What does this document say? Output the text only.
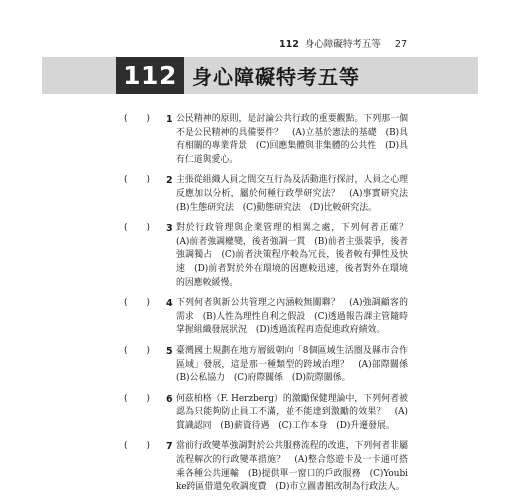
112 身心障礙特考五等 27
112 身心障礙特考五等
( ) 1 公民精神的原則，是討論公共行政的重要觀點。下列那一個不是公民精神的具備要件？　(A)立基於憲法的基礎　(B)具有相關的專業背景　(C)回應集體與非集體的公共性　(D)具有仁道與愛心。
( ) 2 主張從組織人員之間交互行為及活動進行探討，人員之心理反應加以分析，屬於何種行政學研究法？　(A)事實研究法　(B)生態研究法　(C)動態研究法　(D)比較研究法。
( ) 3 對於行政管理與企業管理的相異之處，下列何者正確？　(A)前者強調權變，後者強調一貫　(B)前者主張裝爭，後者強調獨占　(C)前者決策程序較為冗長，後者較有彈性及快速　(D)前者對於外在環境的因應較迅速，後者對外在環境的因應較緩慢。
( ) 4 下列何者與新公共管理之內涵較無關聯？　(A)強調顧客的需求　(B)人性為理性自利之假設　(C)透過報告課主管隨時掌握組織發展狀況　(D)透過流程再造促進政府績效。
( ) 5 臺灣國土規劃在地方層級朝向「8個區域生活圈及縣市合作區域」發展，這是那一種類型的跨域治理？　(A)部際關係　(B)公私協力　(C)府際關係　(D)院際關係。
( ) 6 何茲柏格（F. Herzberg）的激勵保健理論中，下列何者被認為只能夠防止員工不滿，並不能達到激勵的效果？　(A)賞識認同　(B)薪資待遇　(C)工作本身　(D)升遷發展。
( ) 7 當前行政變革強調對於公共服務流程的改進，下列何者非屬流程解次的行政變革措施？　(A)整合悠遊卡及一卡通可搭乘各種公共運輸　(B)提供單一窗口的戶政服務　(C)Youbike跨區借還免收調度費　(D)市立圖書館改制為行政法人。
